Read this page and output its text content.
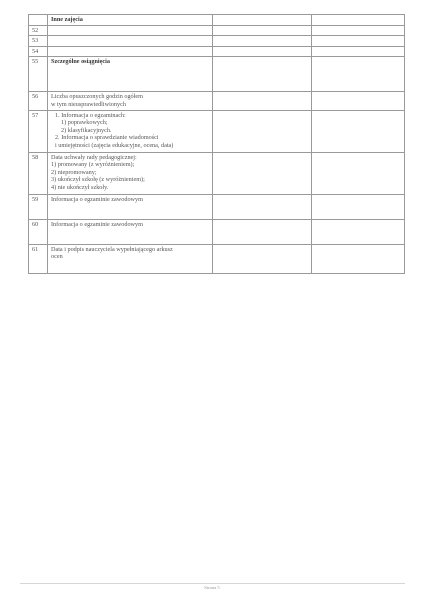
	Inne zajęcia		
52			
53			
54			
55	Szczególne osiągnięcia		
56	Liczba opuszczonych godzin ogółem
w tym nieusprawiedliwionych		

57	1. Informacja o egzaminach:
1) poprawkowych;
2) klasyfikacyjnych.
2. Informacja o sprawdzianie wiadomości
i umiejętności (zajęcia edukacyjne, ocena, data)		

58	Data uchwały rady pedagogicznej:
1) promowany (z wyróżnieniem);
2) niepromowany;
3) ukończył szkołę (z wyróżnieniem);
4) nie ukończył szkoły.		

59	Informacja o egzaminie zawodowym		
60	Informacja o egzaminie zawodowym		
61	Data i podpis nauczyciela wypełniającego arkusz
ocen		

Strona 5
